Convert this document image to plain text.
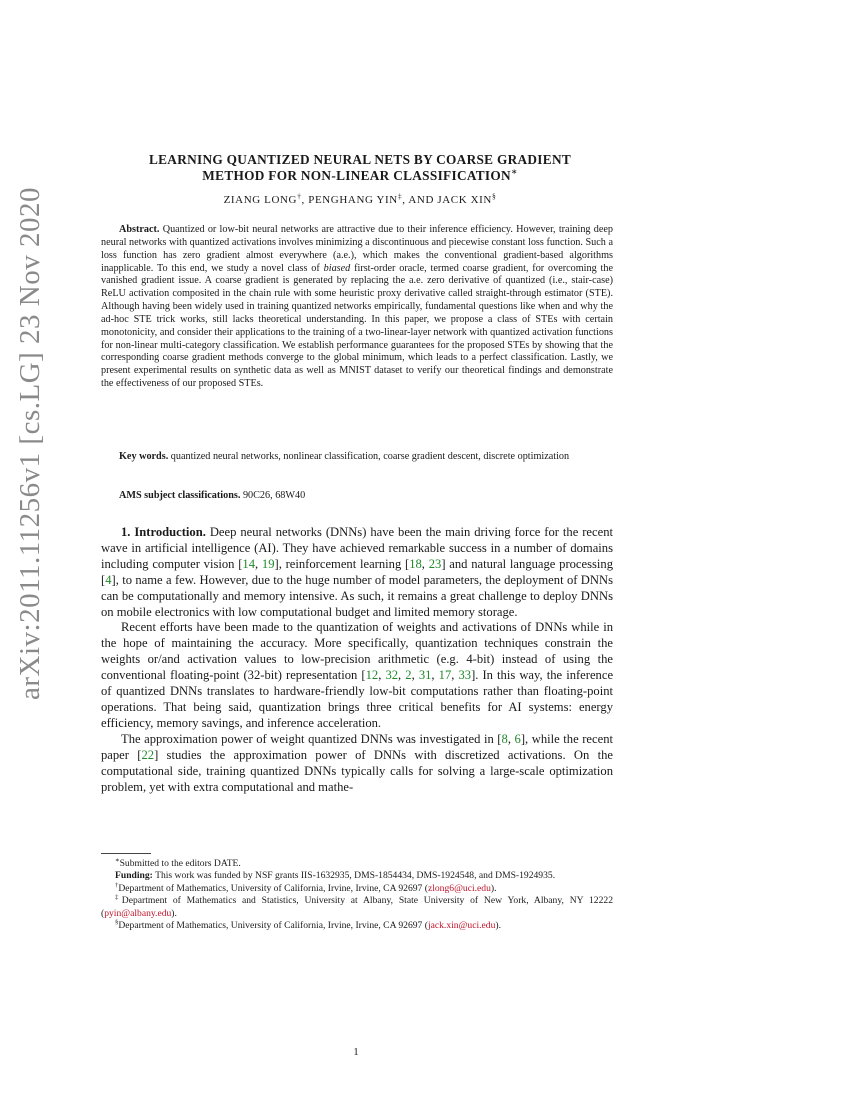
arXiv:2011.11256v1 [cs.LG] 23 Nov 2020
LEARNING QUANTIZED NEURAL NETS BY COARSE GRADIENT
METHOD FOR NON-LINEAR CLASSIFICATION∗
ZIANG LONG†, PENGHANG YIN‡, AND JACK XIN§
Abstract. Quantized or low-bit neural networks are attractive due to their inference efficiency. However, training deep neural networks with quantized activations involves minimizing a discontinuous and piecewise constant loss function. Such a loss function has zero gradient almost everywhere (a.e.), which makes the conventional gradient-based algorithms inapplicable. To this end, we study a novel class of biased first-order oracle, termed coarse gradient, for overcoming the vanished gradient issue. A coarse gradient is generated by replacing the a.e. zero derivative of quantized (i.e., stair-case) ReLU activation composited in the chain rule with some heuristic proxy derivative called straight-through estimator (STE). Although having been widely used in training quantized networks empirically, fundamental questions like when and why the ad-hoc STE trick works, still lacks theoretical understanding. In this paper, we propose a class of STEs with certain monotonicity, and consider their applications to the training of a two-linear-layer network with quantized activation functions for non-linear multi-category classification. We establish performance guarantees for the proposed STEs by showing that the corresponding coarse gradient methods converge to the global minimum, which leads to a perfect classification. Lastly, we present experimental results on synthetic data as well as MNIST dataset to verify our theoretical findings and demonstrate the effectiveness of our proposed STEs.
Key words. quantized neural networks, nonlinear classification, coarse gradient descent, discrete optimization
AMS subject classifications. 90C26, 68W40

1. Introduction. Deep neural networks (DNNs) have been the main driving force for the recent wave in artificial intelligence (AI). They have achieved remarkable success in a number of domains including computer vision [14, 19], reinforcement learning [18, 23] and natural language processing [4], to name a few. However, due to the huge number of model parameters, the deployment of DNNs can be computationally and memory intensive. As such, it remains a great challenge to deploy DNNs on mobile electronics with low computational budget and limited memory storage.

Recent efforts have been made to the quantization of weights and activations of DNNs while in the hope of maintaining the accuracy. More specifically, quantization techniques constrain the weights or/and activation values to low-precision arithmetic (e.g. 4-bit) instead of using the conventional floating-point (32-bit) representation [12, 32, 2, 31, 17, 33]. In this way, the inference of quantized DNNs translates to hardware-friendly low-bit computations rather than floating-point operations. That being said, quantization brings three critical benefits for AI systems: energy efficiency, memory savings, and inference acceleration.

The approximation power of weight quantized DNNs was investigated in [8, 6], while the recent paper [22] studies the approximation power of DNNs with discretized activations. On the computational side, training quantized DNNs typically calls for solving a large-scale optimization problem, yet with extra computational and mathe-

∗Submitted to the editors DATE.
Funding: This work was funded by NSF grants IIS-1632935, DMS-1854434, DMS-1924548, and DMS-1924935.
†Department of Mathematics, University of California, Irvine, Irvine, CA 92697 (zlong6@uci.edu).
‡Department of Mathematics and Statistics, University at Albany, State University of New York, Albany, NY 12222 (pyin@albany.edu).
§Department of Mathematics, University of California, Irvine, Irvine, CA 92697 (jack.xin@uci.edu).
1
